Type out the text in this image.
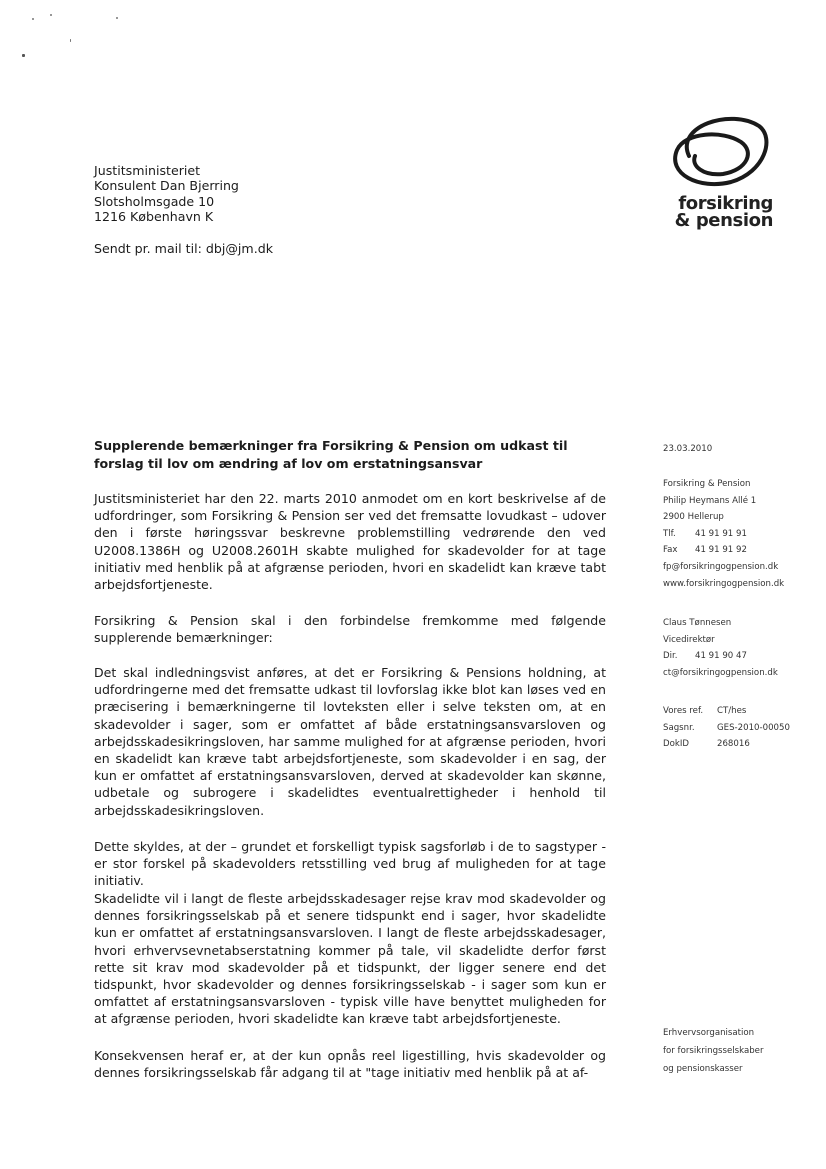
Justitsministeriet
Konsulent Dan Bjerring
Slotsholmsgade 10
1216 København K
Sendt pr. mail til: dbj@jm.dk
forsikring
& pension
Supplerende bemærkninger fra Forsikring & Pension om udkast til forslag til lov om ændring af lov om erstatningsansvar
Justitsministeriet har den 22. marts 2010 anmodet om en kort beskrivelse af de udfordringer, som Forsikring & Pension ser ved det fremsatte lovudkast – udover den i første høringssvar beskrevne problemstilling vedrørende den ved U2008.1386H og U2008.2601H skabte mulighed for skadevolder for at tage initiativ med henblik på at afgrænse perioden, hvori en skadelidt kan kræve tabt arbejdsfortjeneste.
Forsikring & Pension skal i den forbindelse fremkomme med følgende supplerende bemærkninger:
Det skal indledningsvist anføres, at det er Forsikring & Pensions holdning, at udfordringerne med det fremsatte udkast til lovforslag ikke blot kan løses ved en præcisering i bemærkningerne til lovteksten eller i selve teksten om, at en skadevolder i sager, som er omfattet af både erstatningsansvarsloven og arbejdsskadesikringsloven, har samme mulighed for at afgrænse perioden, hvori en skadelidt kan kræve tabt arbejdsfortjeneste, som skadevolder i en sag, der kun er omfattet af erstatningsansvarsloven, derved at skadevolder kan skønne, udbetale og subrogere i skadelidtes eventualrettigheder i henhold til arbejdsskadesikringsloven.
Dette skyldes, at der – grundet et forskelligt typisk sagsforløb i de to sagstyper - er stor forskel på skadevolders retsstilling ved brug af muligheden for at tage initiativ.
Skadelidte vil i langt de fleste arbejdsskadesager rejse krav mod skadevolder og dennes forsikringsselskab på et senere tidspunkt end i sager, hvor skadelidte kun er omfattet af erstatningsansvarsloven. I langt de fleste arbejdsskadesager, hvori erhvervsevnetabserstatning kommer på tale, vil skadelidte derfor først rette sit krav mod skadevolder på et tidspunkt, der ligger senere end det tidspunkt, hvor skadevolder og dennes forsikringsselskab - i sager som kun er omfattet af erstatningsansvarsloven - typisk ville have benyttet muligheden for at afgrænse perioden, hvori skadelidte kan kræve tabt arbejdsfortjeneste.
Konsekvensen heraf er, at der kun opnås reel ligestilling, hvis skadevolder og dennes forsikringsselskab får adgang til at "tage initiativ med henblik på at af-
23.03.2010
Forsikring & Pension
Philip Heymans Allé 1
2900 Hellerup
Tlf. 41 91 91 91
Fax 41 91 91 92
fp@forsikringogpension.dk
www.forsikringogpension.dk
Claus Tønnesen
Vicedirektør
Dir. 41 91 90 47
ct@forsikringogpension.dk
Vores ref. CT/hes
Sagsnr.	GES-2010-00050
DokID	268016
Erhvervsorganisation
for forsikringsselskaber
og pensionskasser
